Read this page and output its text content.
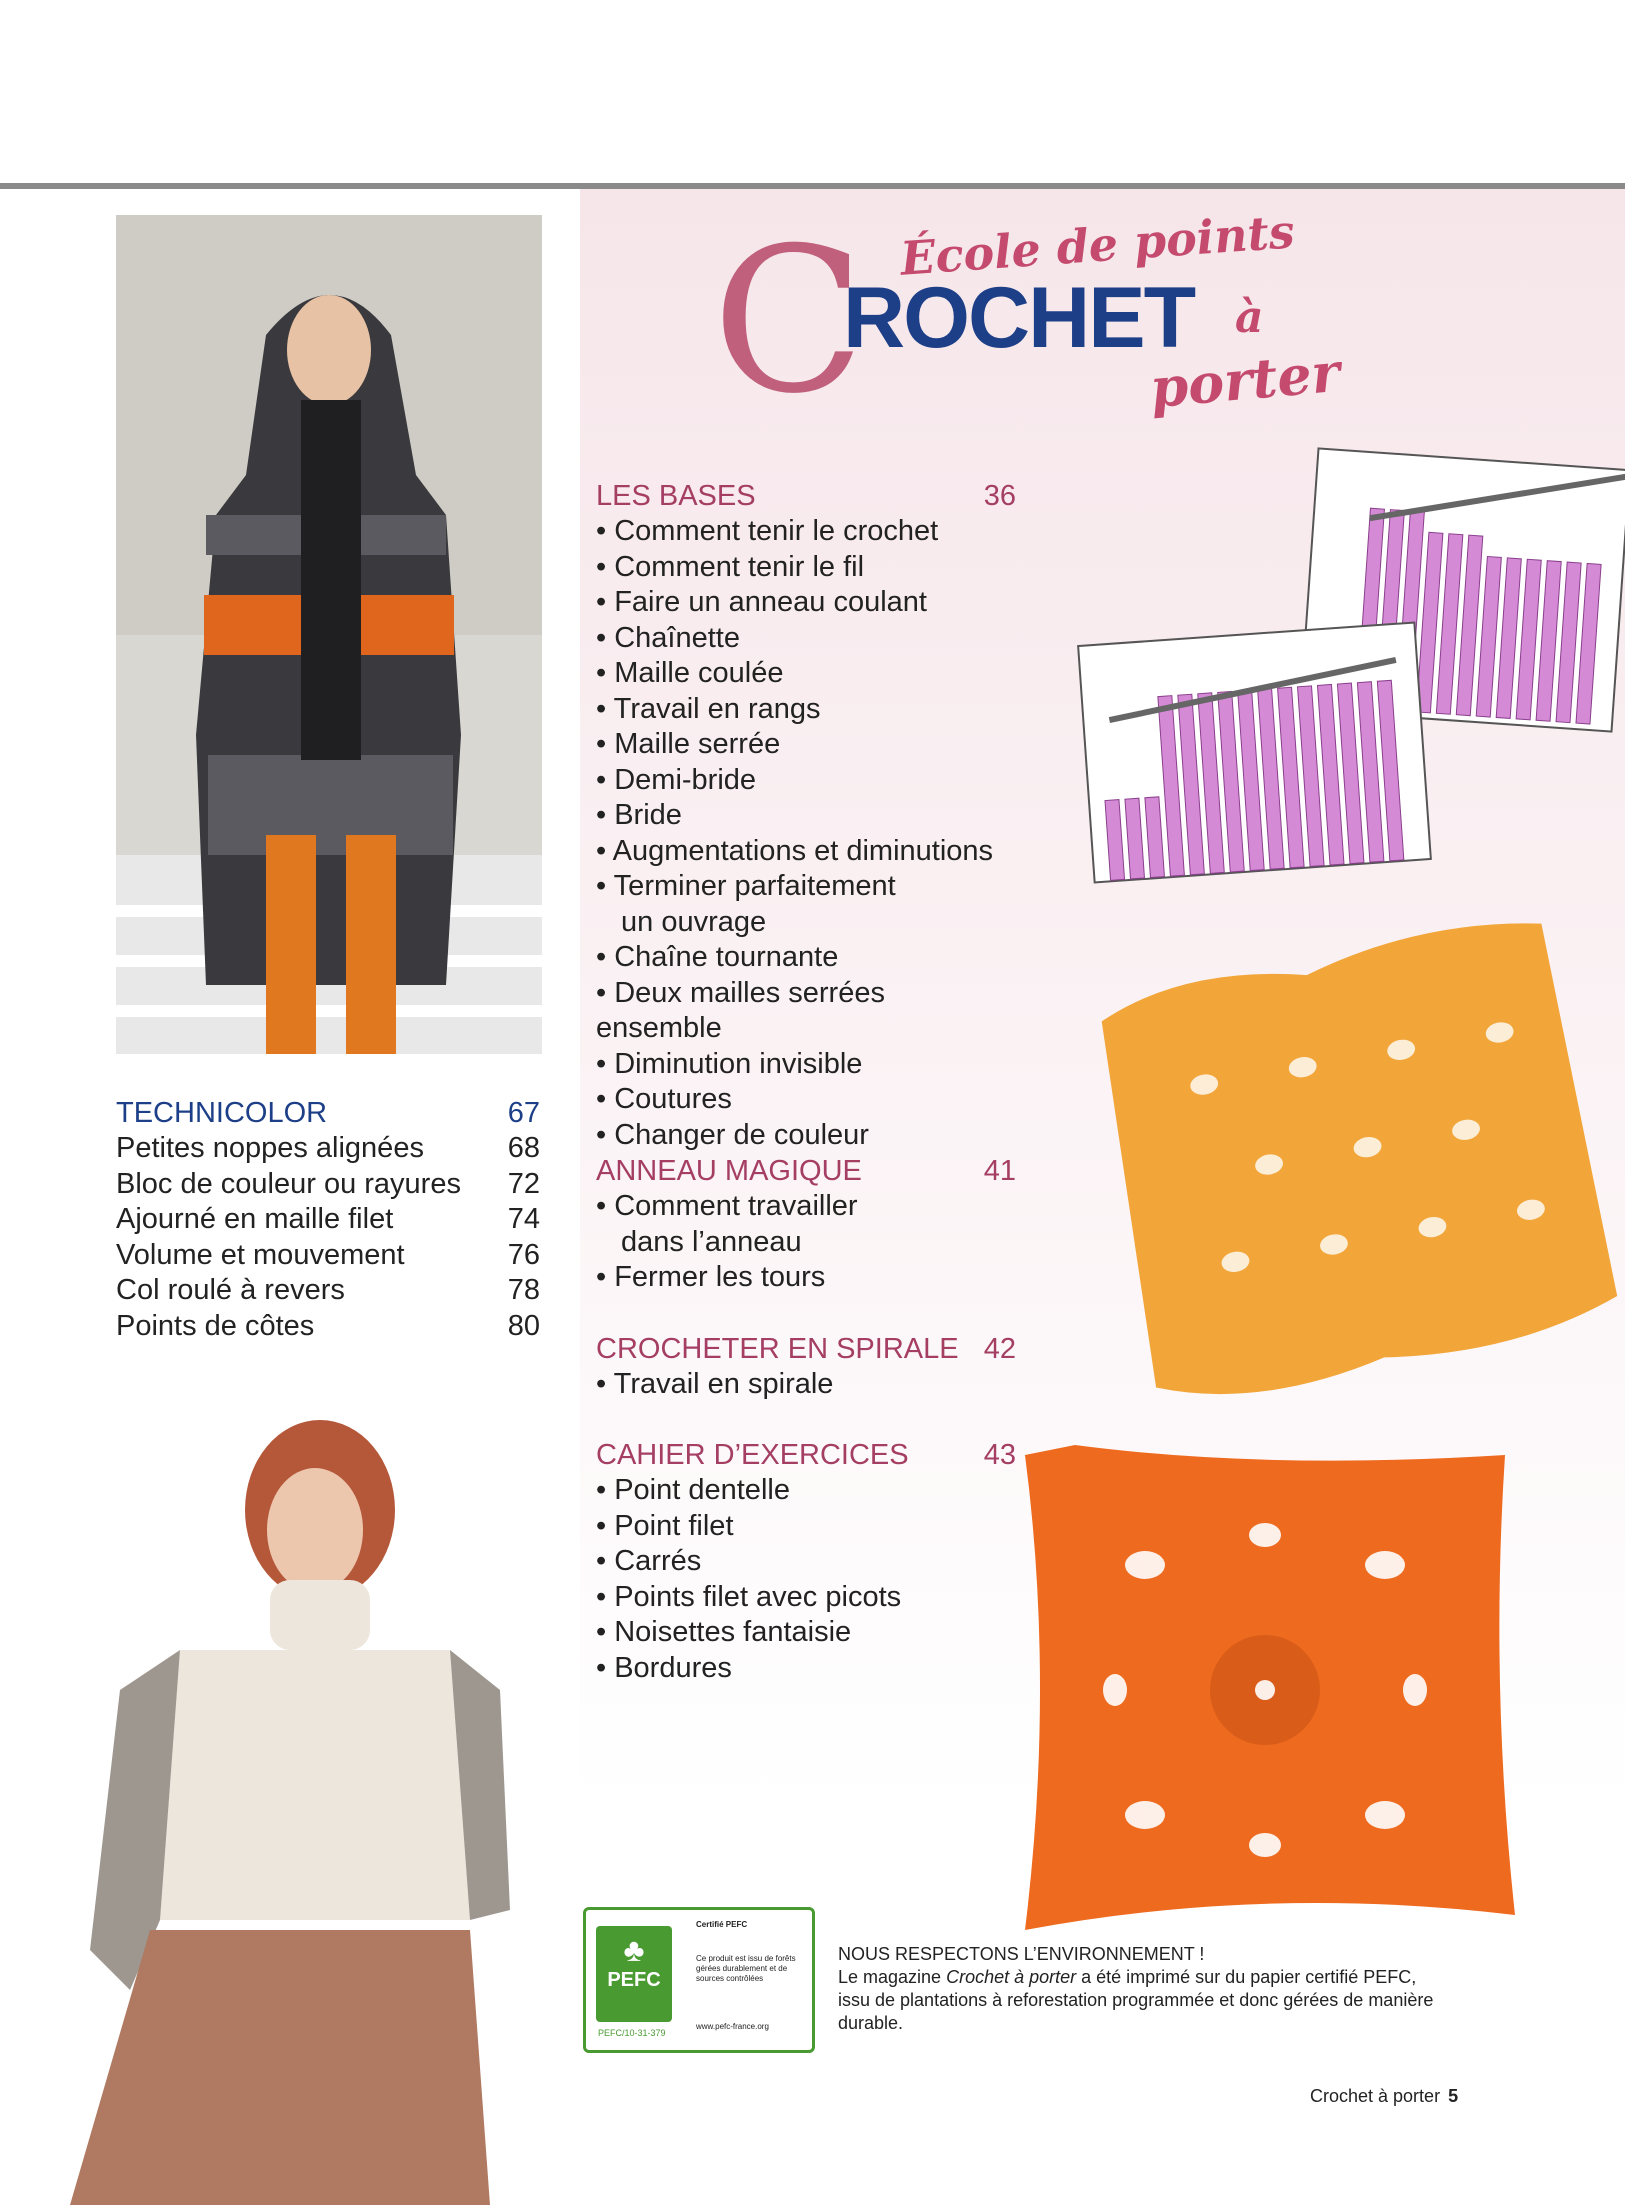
École de points
C
ROCHET à
porter
LES BASES	36
• Comment tenir le crochet
• Comment tenir le fil
• Faire un anneau coulant
• Chaînette
• Maille coulée
• Travail en rangs
• Maille serrée
• Demi-bride
• Bride
• Augmentations et diminutions
• Terminer parfaitement
un ouvrage
• Chaîne tournante
• Deux mailles serrées ensemble
• Diminution invisible
• Coutures
• Changer de couleur
ANNEAU MAGIQUE	41
• Comment travailler
dans l’anneau
• Fermer les tours
CROCHETER EN SPIRALE 42
• Travail en spirale
CAHIER D’EXERCICES	43
• Point dentelle
• Point filet
• Carrés
• Points filet avec picots
• Noisettes fantaisie
• Bordures
TECHNICOLOR	67
Petites noppes alignées	68
Bloc de couleur ou rayures 72
Ajourné en maille filet	74
Volume et mouvement	76
Col roulé à revers	78
Points de côtes	80
♣
PEFC
PEFC/10-31-379
Certifié PEFC
Ce produit est issu de forêts gérées durablement et de sources contrôlées
www.pefc-france.org
NOUS RESPECTONS L’ENVIRONNEMENT !
Le magazine Crochet à porter a été imprimé sur du papier certifié PEFC,
issu de plantations à reforestation programmée et donc gérées de manière durable.
Crochet à porter 5
